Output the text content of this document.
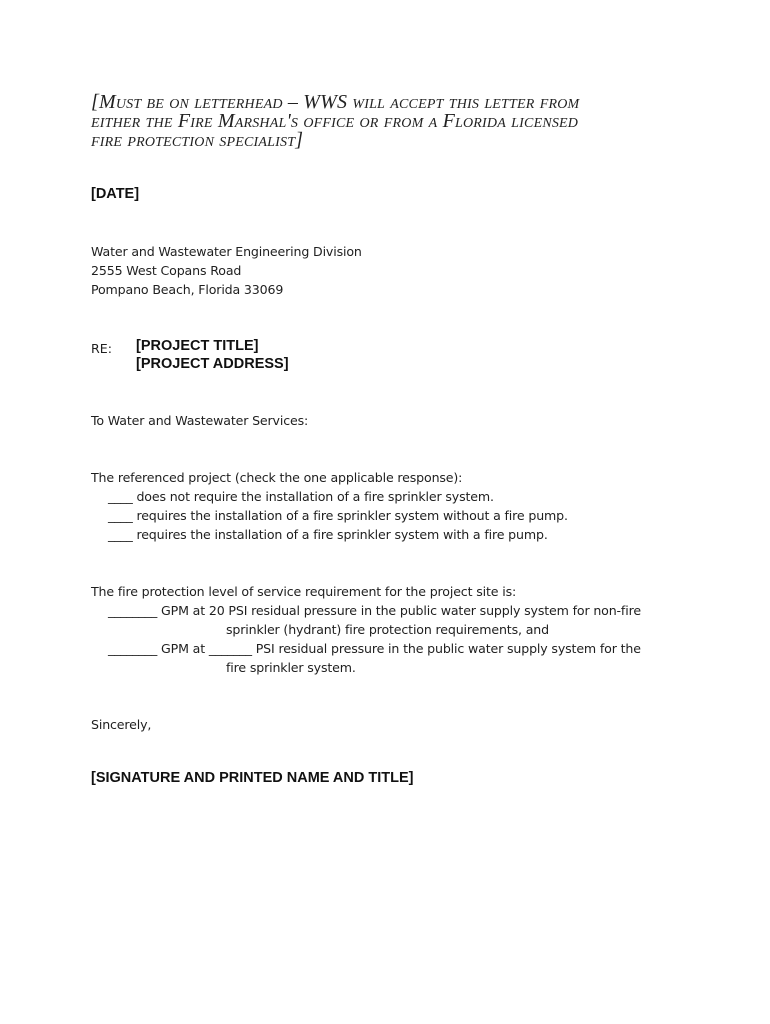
[Must be on letterhead – WWS will accept this letter from
either the Fire Marshal's office or from a Florida licensed
fire protection specialist]
[DATE]
Water and Wastewater Engineering Division
2555 West Copans Road
Pompano Beach, Florida 33069
RE: [PROJECT TITLE]
[PROJECT ADDRESS]
To Water and Wastewater Services:
The referenced project (check the one applicable response):
____ does not require the installation of a fire sprinkler system.
____ requires the installation of a fire sprinkler system without a fire pump.
____ requires the installation of a fire sprinkler system with a fire pump.
The fire protection level of service requirement for the project site is:
________ GPM at 20 PSI residual pressure in the public water supply system for non-fire
sprinkler (hydrant) fire protection requirements, and
________ GPM at _______ PSI residual pressure in the public water supply system for the
fire sprinkler system.
Sincerely,
[SIGNATURE AND PRINTED NAME AND TITLE]
